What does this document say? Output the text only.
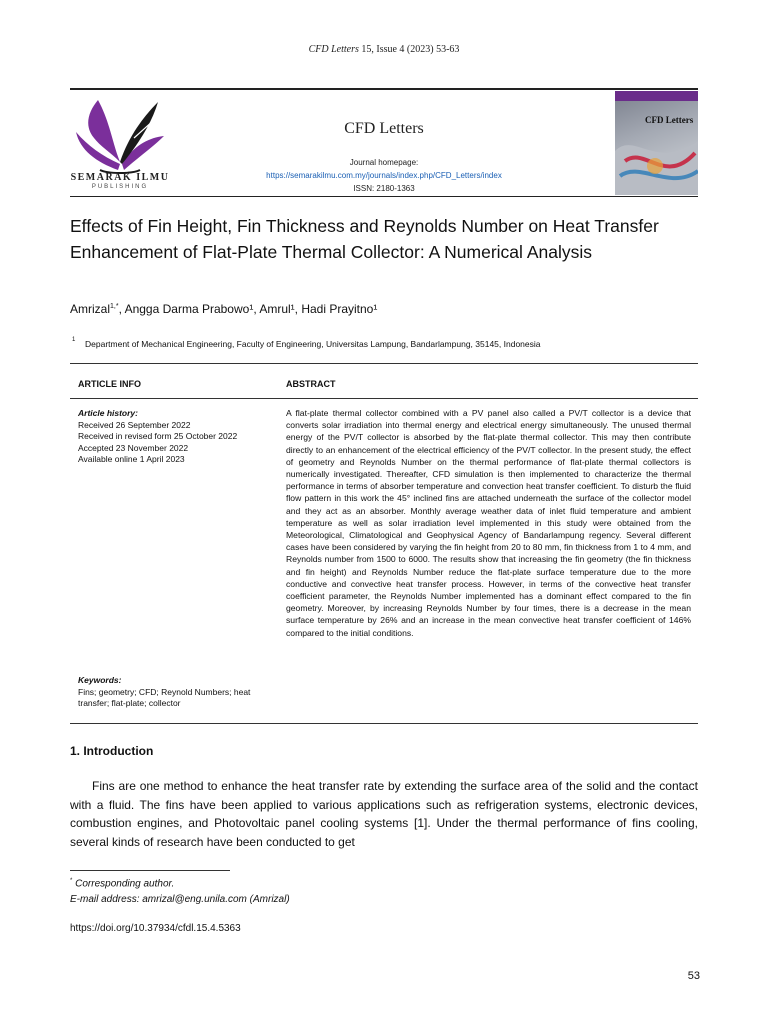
CFD Letters 15, Issue 4 (2023) 53-63
SEMARAK ILMU
PUBLISHING
CFD Letters
Journal homepage:
https://semarakilmu.com.my/journals/index.php/CFD_Letters/index
ISSN: 2180-1363
CFD Letters
Effects of Fin Height, Fin Thickness and Reynolds Number on Heat Transfer Enhancement of Flat-Plate Thermal Collector: A Numerical Analysis
Amrizal$^{1,*}$, Angga Darma Prabowo¹, Amrul¹, Hadi Prayitno¹
1 Department of Mechanical Engineering, Faculty of Engineering, Universitas Lampung, Bandarlampung, 35145, Indonesia
ARTICLE INFO	ABSTRACT
Article history:
Received 26 September 2022
Received in revised form 25 October 2022
Accepted 23 November 2022
Available online 1 April 2023
A flat-plate thermal collector combined with a PV panel also called a PV/T collector is a device that converts solar irradiation into thermal energy and electrical energy simultaneously. The unused thermal energy of the PV/T collector is absorbed by the flat-plate thermal collector. This may then contribute directly to an enhancement of the electrical efficiency of the PV/T collector. In the present study, the effect of geometry and Reynolds Number on the thermal performance of flat-plate thermal collectors is numerically investigated. Thereafter, CFD simulation is then implemented to characterize the thermal performance in terms of absorber temperature and convection heat transfer coefficient. To disturb the fluid flow pattern in this work the 45° inclined fins are attached underneath the surface of the collector model and they act as an absorber. Monthly average weather data of inlet fluid temperature and ambient temperature as well as solar irradiation level implemented in this study were obtained from the Meteorological, Climatological and Geophysical Agency of Bandarlampung regency. Several different cases have been considered by varying the fin height from 20 to 80 mm, fin thickness from 1 to 4 mm, and Reynolds number from 1500 to 6000. The results show that increasing the fin geometry (the fin thickness and fin height) and Reynolds Number reduce the flat-plate surface temperature due to the more conductive and convective heat transfer process. However, in terms of the convective heat transfer coefficient parameter, the Reynolds Number implemented has a dominant effect compared to the fin geometry. Moreover, by increasing Reynolds Number by four times, there is a decrease in the mean surface temperature by 26% and an increase in the mean convective heat transfer coefficient of 146% compared to the initial conditions.
Keywords:
Fins; geometry; CFD; Reynold Numbers; heat transfer; flat-plate; collector
1. Introduction
Fins are one method to enhance the heat transfer rate by extending the surface area of the solid and the contact with a fluid. The fins have been applied to various applications such as refrigeration systems, electronic devices, combustion engines, and Photovoltaic panel cooling systems [1]. Under the thermal performance of fins cooling, several kinds of research have been conducted to get
* Corresponding author.
E-mail address: amrizal@eng.unila.com (Amrizal)
https://doi.org/10.37934/cfdl.15.4.5363
53
